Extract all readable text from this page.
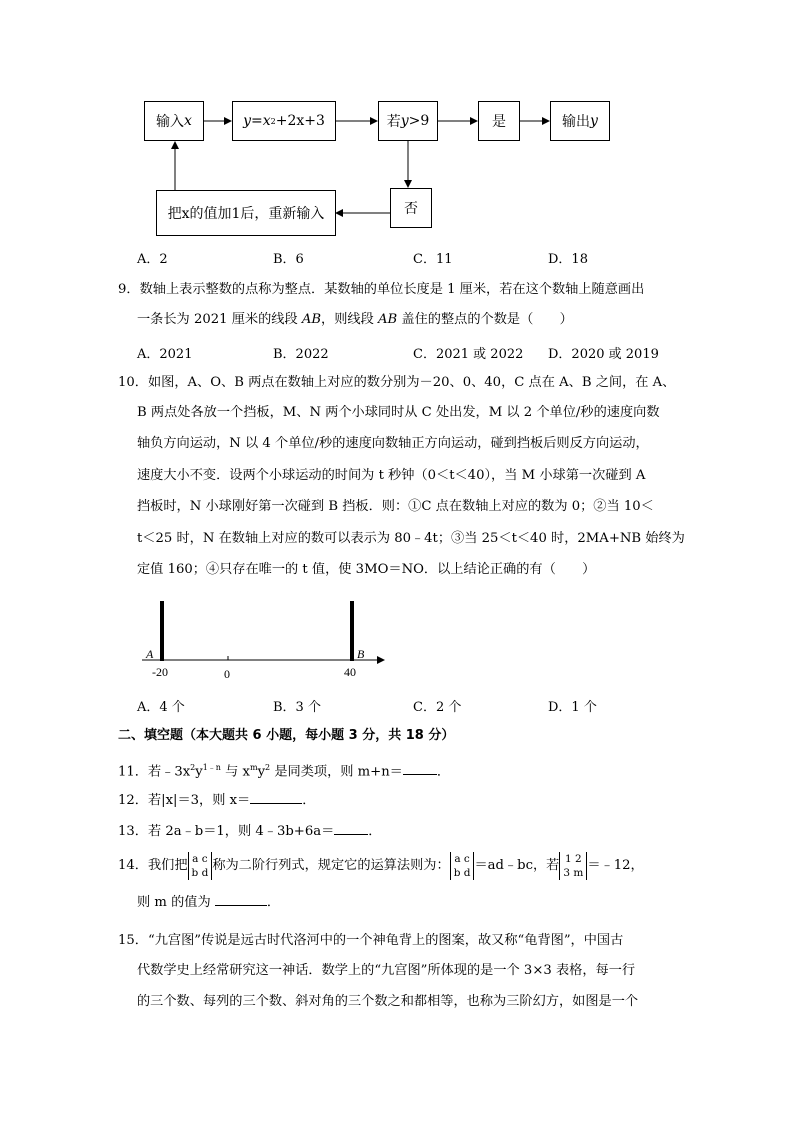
输入 x	y = x 2 +2x+3	若 y >9	是	输出 y
否
把x的值加1后，重新输入
A．2	B．6	C．11	D．18
9．数轴上表示整数的点称为整点．某数轴的单位长度是 1 厘米，若在这个数轴上随意画出
一条长为 2021 厘米的线段 AB，则线段 AB 盖住的整点的个数是（　　）
A．2021	B．2022	C．2021 或 2022 D．2020 或 2019
10．如图，A、O、B 两点在数轴上对应的数分别为－20、0、40，C 点在 A、B 之间，在 A、
B 两点处各放一个挡板，M、N 两个小球同时从 C 处出发，M 以 2 个单位/秒的速度向数
轴负方向运动，N 以 4 个单位/秒的速度向数轴正方向运动，碰到挡板后则反方向运动，
速度大小不变．设两个小球运动的时间为 t 秒钟（0＜t＜40），当 M 小球第一次碰到 A
挡板时，N 小球刚好第一次碰到 B 挡板．则：①C 点在数轴上对应的数为 0；②当 10＜
t＜25 时，N 在数轴上对应的数可以表示为 80﹣4t；③当 25＜t＜40 时，2MA+NB 始终为
定值 160；④只存在唯一的 t 值，使 3MO＝NO．以上结论正确的有（　　）
A	B
-20	0	40
A．4 个	B．3 个	C．2 个	D．1 个
二、填空题（本大题共 6 小题，每小题 3 分，共 18 分）
11．若$﹣3x^2y^{1﹣n}$ 与 $x^my^2$ 是同类项，则 m+n＝	．
12．若|x|＝3，则 x＝	．
13．若 2a﹣b＝1，则 4﹣3b+6a＝	．
14．我们把 a c
b d 称为二阶行列式，规定它的运算法则为： a c
b d ＝ad﹣bc，若 1 2
3 m ＝﹣12，
则 m 的值为	．
15．“九宫图”传说是远古时代洛河中的一个神龟背上的图案，故又称“龟背图”，中国古
代数学史上经常研究这一神话．数学上的“九宫图”所体现的是一个 3×3 表格，每一行
的三个数、每列的三个数、斜对角的三个数之和都相等，也称为三阶幻方，如图是一个
